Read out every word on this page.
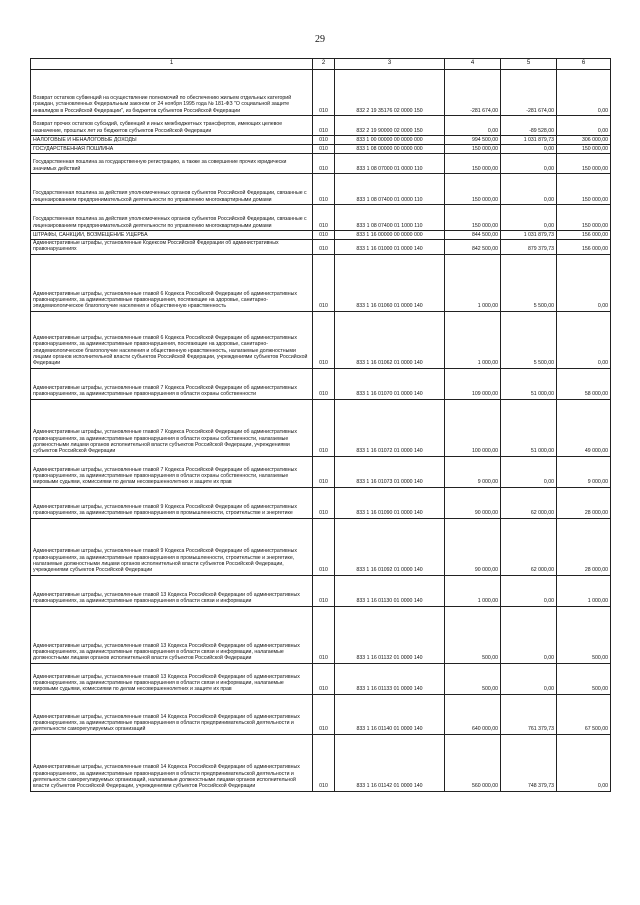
29
1	2	3	4	5	6

Возврат остатков субвенций на осуществление полномочий по обеспечению жильем отдельных категорий граждан, установленных Федеральным законом от 24 ноября 1995 года № 181-ФЗ "О социальной защите инвалидов в Российской Федерации", из бюджетов субъектов Российской Федерации	010	832 2 19 35176 02 0000 150	-281 674,00	-281 674,00	0,00

Возврат прочих остатков субсидий, субвенций и иных межбюджетных трансфертов, имеющих целевое назначение, прошлых лет из бюджетов субъектов Российской Федерации	010	832 2 19 90000 02 0000 150	0,00	-89 528,00	0,00

НАЛОГОВЫЕ И НЕНАЛОГОВЫЕ ДОХОДЫ	010	833 1 00 00000 00 0000 000	994 500,00	1 031 879,73	306 000,00

ГОСУДАРСТВЕННАЯ ПОШЛИНА	010	833 1 08 00000 00 0000 000	150 000,00	0,00	150 000,00

Государственная пошлина за государственную регистрацию, а также за совершение прочих юридически значимых действий	010	833 1 08 07000 01 0000 110	150 000,00	0,00	150 000,00

Государственная пошлина за действия уполномоченных органов субъектов Российской Федерации, связанные с лицензированием предпринимательской деятельности по управлению многоквартирными домами	010	833 1 08 07400 01 0000 110	150 000,00	0,00	150 000,00

Государственная пошлина за действия уполномоченных органов субъектов Российской Федерации, связанные с лицензированием предпринимательской деятельности по управлению многоквартирными домами	010	833 1 08 07400 01 1000 110	150 000,00	0,00	150 000,00

ШТРАФЫ, САНКЦИИ, ВОЗМЕЩЕНИЕ УЩЕРБА	010	833 1 16 00000 00 0000 000	844 500,00	1 031 879,73	156 000,00

Административные штрафы, установленные Кодексом Российской Федерации об административных правонарушениях	010	833 1 16 01000 01 0000 140	842 500,00	879 379,73	156 000,00

Административные штрафы, установленные главой 6 Кодекса Российской Федерации об административных правонарушениях, за административные правонарушения, посягающие на здоровье, санитарно-эпидемиологическое благополучие населения и общественную нравственность	010	833 1 16 01060 01 0000 140	1 000,00	5 500,00	0,00

Административные штрафы, установленные главой 6 Кодекса Российской Федерации об административных правонарушениях, за административные правонарушения, посягающие на здоровье, санитарно-эпидемиологическое благополучие населения и общественную нравственность, налагаемые должностными лицами органов исполнительной власти субъектов Российской Федерации, учреждениями субъектов Российской Федерации	010	833 1 16 01062 01 0000 140	1 000,00	5 500,00	0,00

Административные штрафы, установленные главой 7 Кодекса Российской Федерации об административных правонарушениях, за административные правонарушения в области охраны собственности	010	833 1 16 01070 01 0000 140	109 000,00	51 000,00	58 000,00

Административные штрафы, установленные главой 7 Кодекса Российской Федерации об административных правонарушениях, за административные правонарушения в области охраны собственности, налагаемые должностными лицами органов исполнительной власти субъектов Российской Федерации, учреждениями субъектов Российской Федерации	010	833 1 16 01072 01 0000 140	100 000,00	51 000,00	49 000,00

Административные штрафы, установленные главой 7 Кодекса Российской Федерации об административных правонарушениях, за административные правонарушения в области охраны собственности, налагаемые мировыми судьями, комиссиями по делам несовершеннолетних и защите их прав	010	833 1 16 01073 01 0000 140	9 000,00	0,00	9 000,00

Административные штрафы, установленные главой 9 Кодекса Российской Федерации об административных правонарушениях, за административные правонарушения в промышленности, строительстве и энергетике	010	833 1 16 01090 01 0000 140	90 000,00	62 000,00	28 000,00

Административные штрафы, установленные главой 9 Кодекса Российской Федерации об административных правонарушениях, за административные правонарушения в промышленности, строительстве и энергетике, налагаемые должностными лицами органов исполнительной власти субъектов Российской Федерации, учреждениями субъектов Российской Федерации	010	833 1 16 01092 01 0000 140	90 000,00	62 000,00	28 000,00

Административные штрафы, установленные главой 13 Кодекса Российской Федерации об административных правонарушениях, за административные правонарушения в области связи и информации	010	833 1 16 01130 01 0000 140	1 000,00	0,00	1 000,00

Административные штрафы, установленные главой 13 Кодекса Российской Федерации об административных правонарушениях, за административные правонарушения в области связи и информации, налагаемые должностными лицами органов исполнительной власти субъектов Российской Федерации	010	833 1 16 01132 01 0000 140	500,00	0,00	500,00

Административные штрафы, установленные главой 13 Кодекса Российской Федерации об административных правонарушениях, за административные правонарушения в области связи и информации, налагаемые мировыми судьями, комиссиями по делам несовершеннолетних и защите их прав	010	833 1 16 01133 01 0000 140	500,00	0,00	500,00

Административные штрафы, установленные главой 14 Кодекса Российской Федерации об административных правонарушениях, за административные правонарушения в области предпринимательской деятельности и деятельности саморегулируемых организаций	010	833 1 16 01140 01 0000 140	640 000,00	761 379,73	67 500,00

Административные штрафы, установленные главой 14 Кодекса Российской Федерации об административных правонарушениях, за административные правонарушения в области предпринимательской деятельности и деятельности саморегулируемых организаций, налагаемые должностными лицами органов исполнительной власти субъектов Российской Федерации, учреждениями субъектов Российской Федерации	010	833 1 16 01142 01 0000 140	560 000,00	748 379,73	0,00
